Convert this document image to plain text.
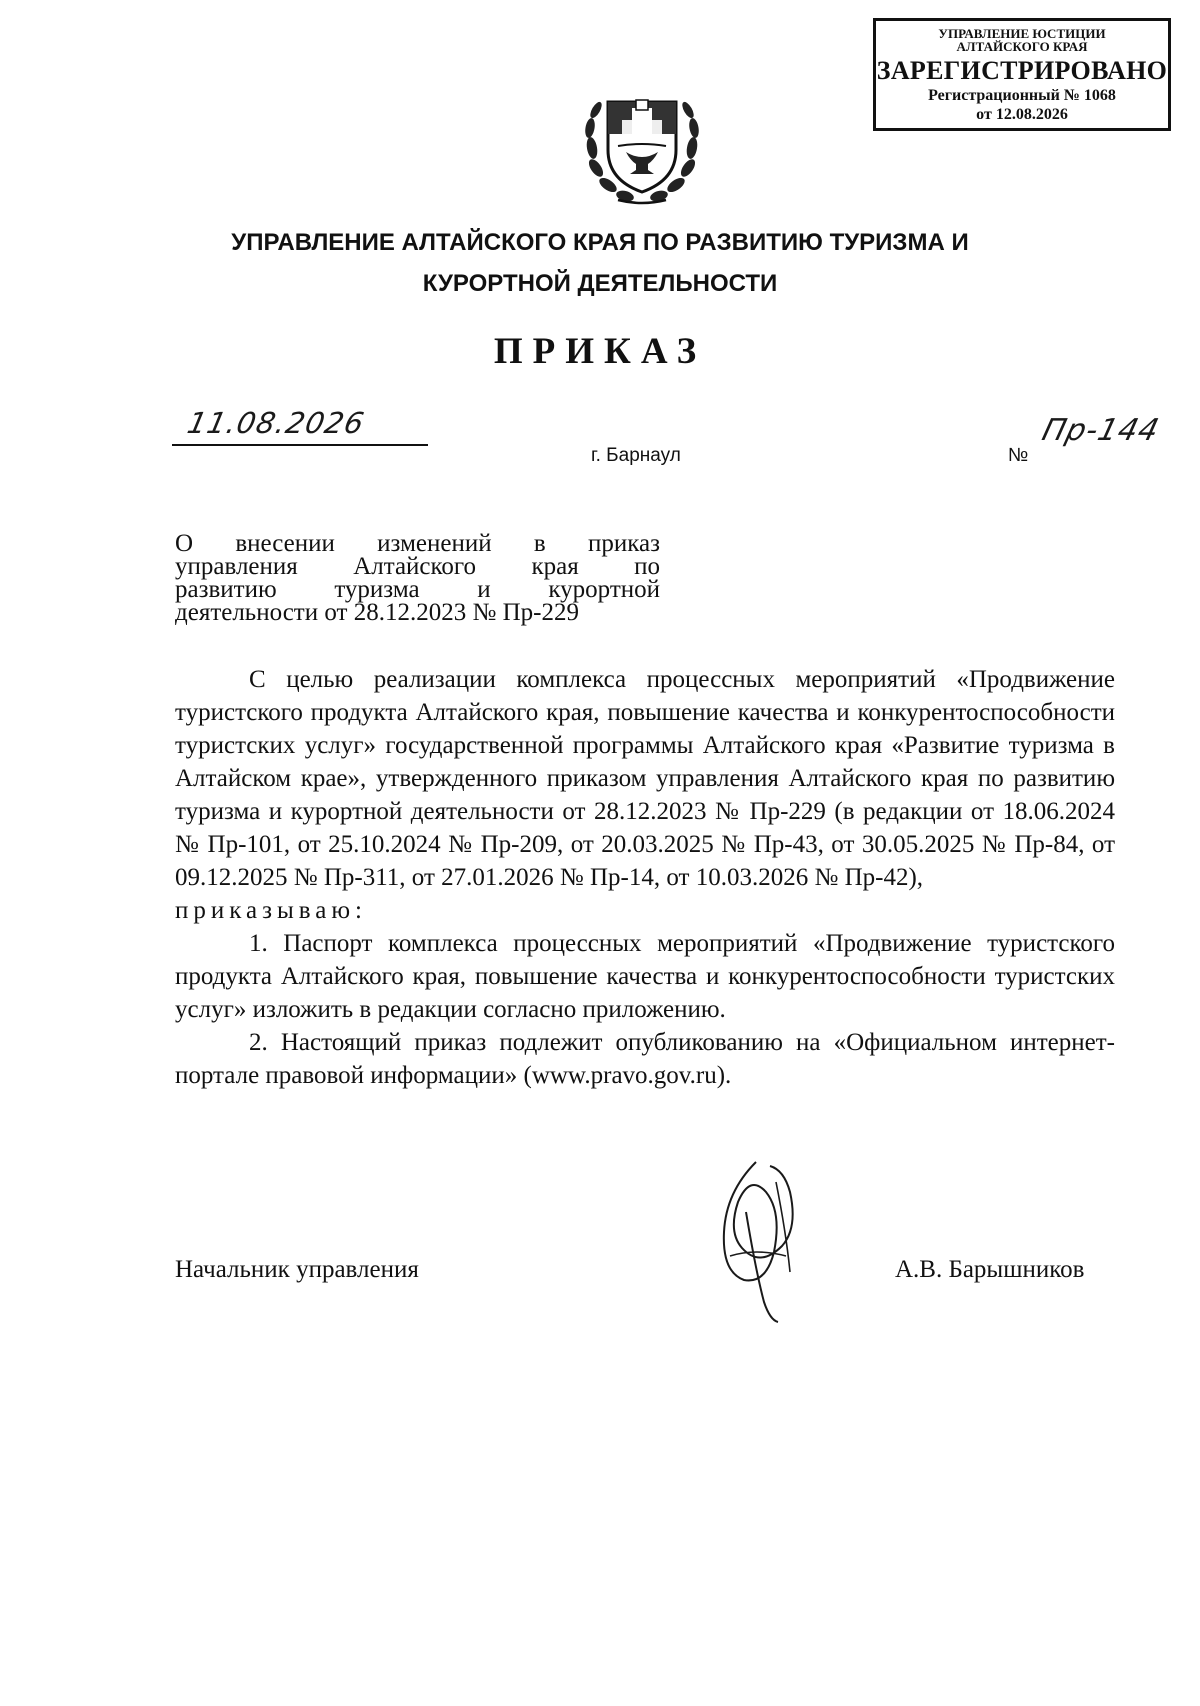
УПРАВЛЕНИЕ ЮСТИЦИИ
АЛТАЙСКОГО КРАЯ
ЗАРЕГИСТРИРОВАНО
Регистрационный № 1068
от 12.08.2026
УПРАВЛЕНИЕ АЛТАЙСКОГО КРАЯ ПО РАЗВИТИЮ ТУРИЗМА И
КУРОРТНОЙ ДЕЯТЕЛЬНОСТИ
ПРИКАЗ
11.08.2026
г. Барнаул	№
Пр-144
О внесении изменений в приказ
управления Алтайского края по
развитию туризма и курортной
деятельности от 28.12.2023 № Пр-229

С целью реализации комплекса процессных мероприятий «Продвижение туристского продукта Алтайского края, повышение качества и конкурентоспособности туристских услуг» государственной программы Алтайского края «Развитие туризма в Алтайском крае», утвержденного приказом управления Алтайского края по развитию туризма и курортной деятельности от 28.12.2023 № Пр-229 (в редакции от 18.06.2024 № Пр-101, от 25.10.2024 № Пр-209, от 20.03.2025 № Пр-43, от 30.05.2025 № Пр-84, от 09.12.2025 № Пр-311, от 27.01.2026 № Пр-14, от 10.03.2026 № Пр-42),

приказываю:

1. Паспорт комплекса процессных мероприятий «Продвижение туристского продукта Алтайского края, повышение качества и конкурентоспособности туристских услуг» изложить в редакции согласно приложению.

2. Настоящий приказ подлежит опубликованию на «Официальном интернет-портале правовой информации» (www.pravo.gov.ru).

Начальник управления	А.В. Барышников
